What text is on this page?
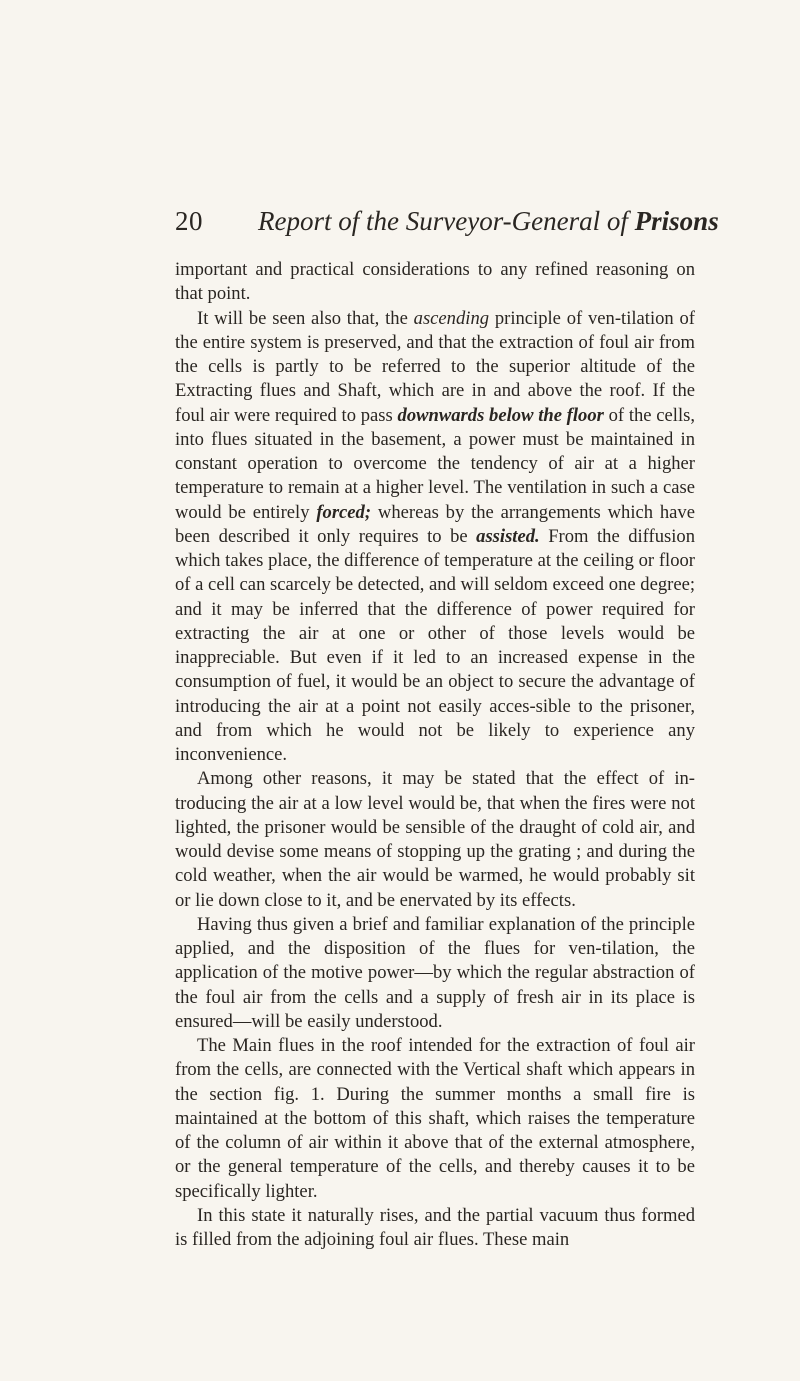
20 Report of the Surveyor-General of Prisons

important and practical considerations to any refined reasoning on that point.

It will be seen also that, the ascending principle of ven-tilation of the entire system is preserved, and that the extraction of foul air from the cells is partly to be referred to the superior altitude of the Extracting flues and Shaft, which are in and above the roof. If the foul air were required to pass downwards below the floor of the cells, into flues situated in the basement, a power must be maintained in constant operation to overcome the tendency of air at a higher temperature to remain at a higher level. The ventilation in such a case would be entirely forced; whereas by the arrangements which have been described it only requires to be assisted. From the diffusion which takes place, the difference of temperature at the ceiling or floor of a cell can scarcely be detected, and will seldom exceed one degree; and it may be inferred that the difference of power required for extracting the air at one or other of those levels would be inappreciable. But even if it led to an increased expense in the consumption of fuel, it would be an object to secure the advantage of introducing the air at a point not easily acces-sible to the prisoner, and from which he would not be likely to experience any inconvenience.

Among other reasons, it may be stated that the effect of in-troducing the air at a low level would be, that when the fires were not lighted, the prisoner would be sensible of the draught of cold air, and would devise some means of stopping up the grating ; and during the cold weather, when the air would be warmed, he would probably sit or lie down close to it, and be enervated by its effects.

Having thus given a brief and familiar explanation of the principle applied, and the disposition of the flues for ven-tilation, the application of the motive power—by which the regular abstraction of the foul air from the cells and a supply of fresh air in its place is ensured—will be easily understood.

The Main flues in the roof intended for the extraction of foul air from the cells, are connected with the Vertical shaft which appears in the section fig. 1. During the summer months a small fire is maintained at the bottom of this shaft, which raises the temperature of the column of air within it above that of the external atmosphere, or the general temperature of the cells, and thereby causes it to be specifically lighter.

In this state it naturally rises, and the partial vacuum thus formed is filled from the adjoining foul air flues. These main
